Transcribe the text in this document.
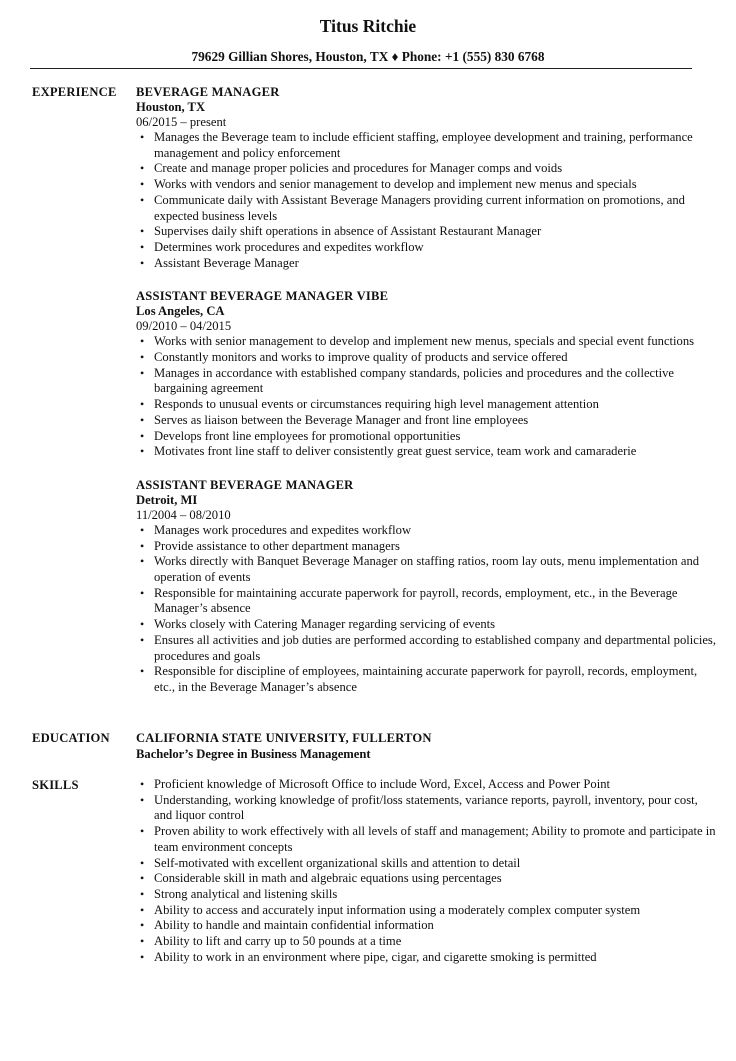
Titus Ritchie
79629 Gillian Shores, Houston, TX ♦ Phone: +1 (555) 830 6768
EXPERIENCE BEVERAGE MANAGER
Houston, TX
06/2015 – present
• Manages the Beverage team to include efficient staffing, employee development and training, performance management and policy enforcement
• Create and manage proper policies and procedures for Manager comps and voids
• Works with vendors and senior management to develop and implement new menus and specials
• Communicate daily with Assistant Beverage Managers providing current information on promotions, and expected business levels
• Supervises daily shift operations in absence of Assistant Restaurant Manager
• Determines work procedures and expedites workflow
• Assistant Beverage Manager
ASSISTANT BEVERAGE MANAGER VIBE
Los Angeles, CA
09/2010 – 04/2015
• Works with senior management to develop and implement new menus, specials and special event functions
• Constantly monitors and works to improve quality of products and service offered
• Manages in accordance with established company standards, policies and procedures and the collective bargaining agreement
• Responds to unusual events or circumstances requiring high level management attention
• Serves as liaison between the Beverage Manager and front line employees
• Develops front line employees for promotional opportunities
• Motivates front line staff to deliver consistently great guest service, team work and camaraderie
ASSISTANT BEVERAGE MANAGER
Detroit, MI
11/2004 – 08/2010
• Manages work procedures and expedites workflow
• Provide assistance to other department managers
• Works directly with Banquet Beverage Manager on staffing ratios, room lay outs, menu implementation and operation of events
• Responsible for maintaining accurate paperwork for payroll, records, employment, etc., in the Beverage Manager’s absence
• Works closely with Catering Manager regarding servicing of events
• Ensures all activities and job duties are performed according to established company and departmental policies, procedures and goals
• Responsible for discipline of employees, maintaining accurate paperwork for payroll, records, employment, etc., in the Beverage Manager’s absence
EDUCATION CALIFORNIA STATE UNIVERSITY, FULLERTON
Bachelor’s Degree in Business Management
SKILLS	• Proficient knowledge of Microsoft Office to include Word, Excel, Access and Power Point
• Understanding, working knowledge of profit/loss statements, variance reports, payroll, inventory, pour cost, and liquor control
• Proven ability to work effectively with all levels of staff and management; Ability to promote and participate in team environment concepts
• Self-motivated with excellent organizational skills and attention to detail
• Considerable skill in math and algebraic equations using percentages
• Strong analytical and listening skills
• Ability to access and accurately input information using a moderately complex computer system
• Ability to handle and maintain confidential information
• Ability to lift and carry up to 50 pounds at a time
• Ability to work in an environment where pipe, cigar, and cigarette smoking is permitted
